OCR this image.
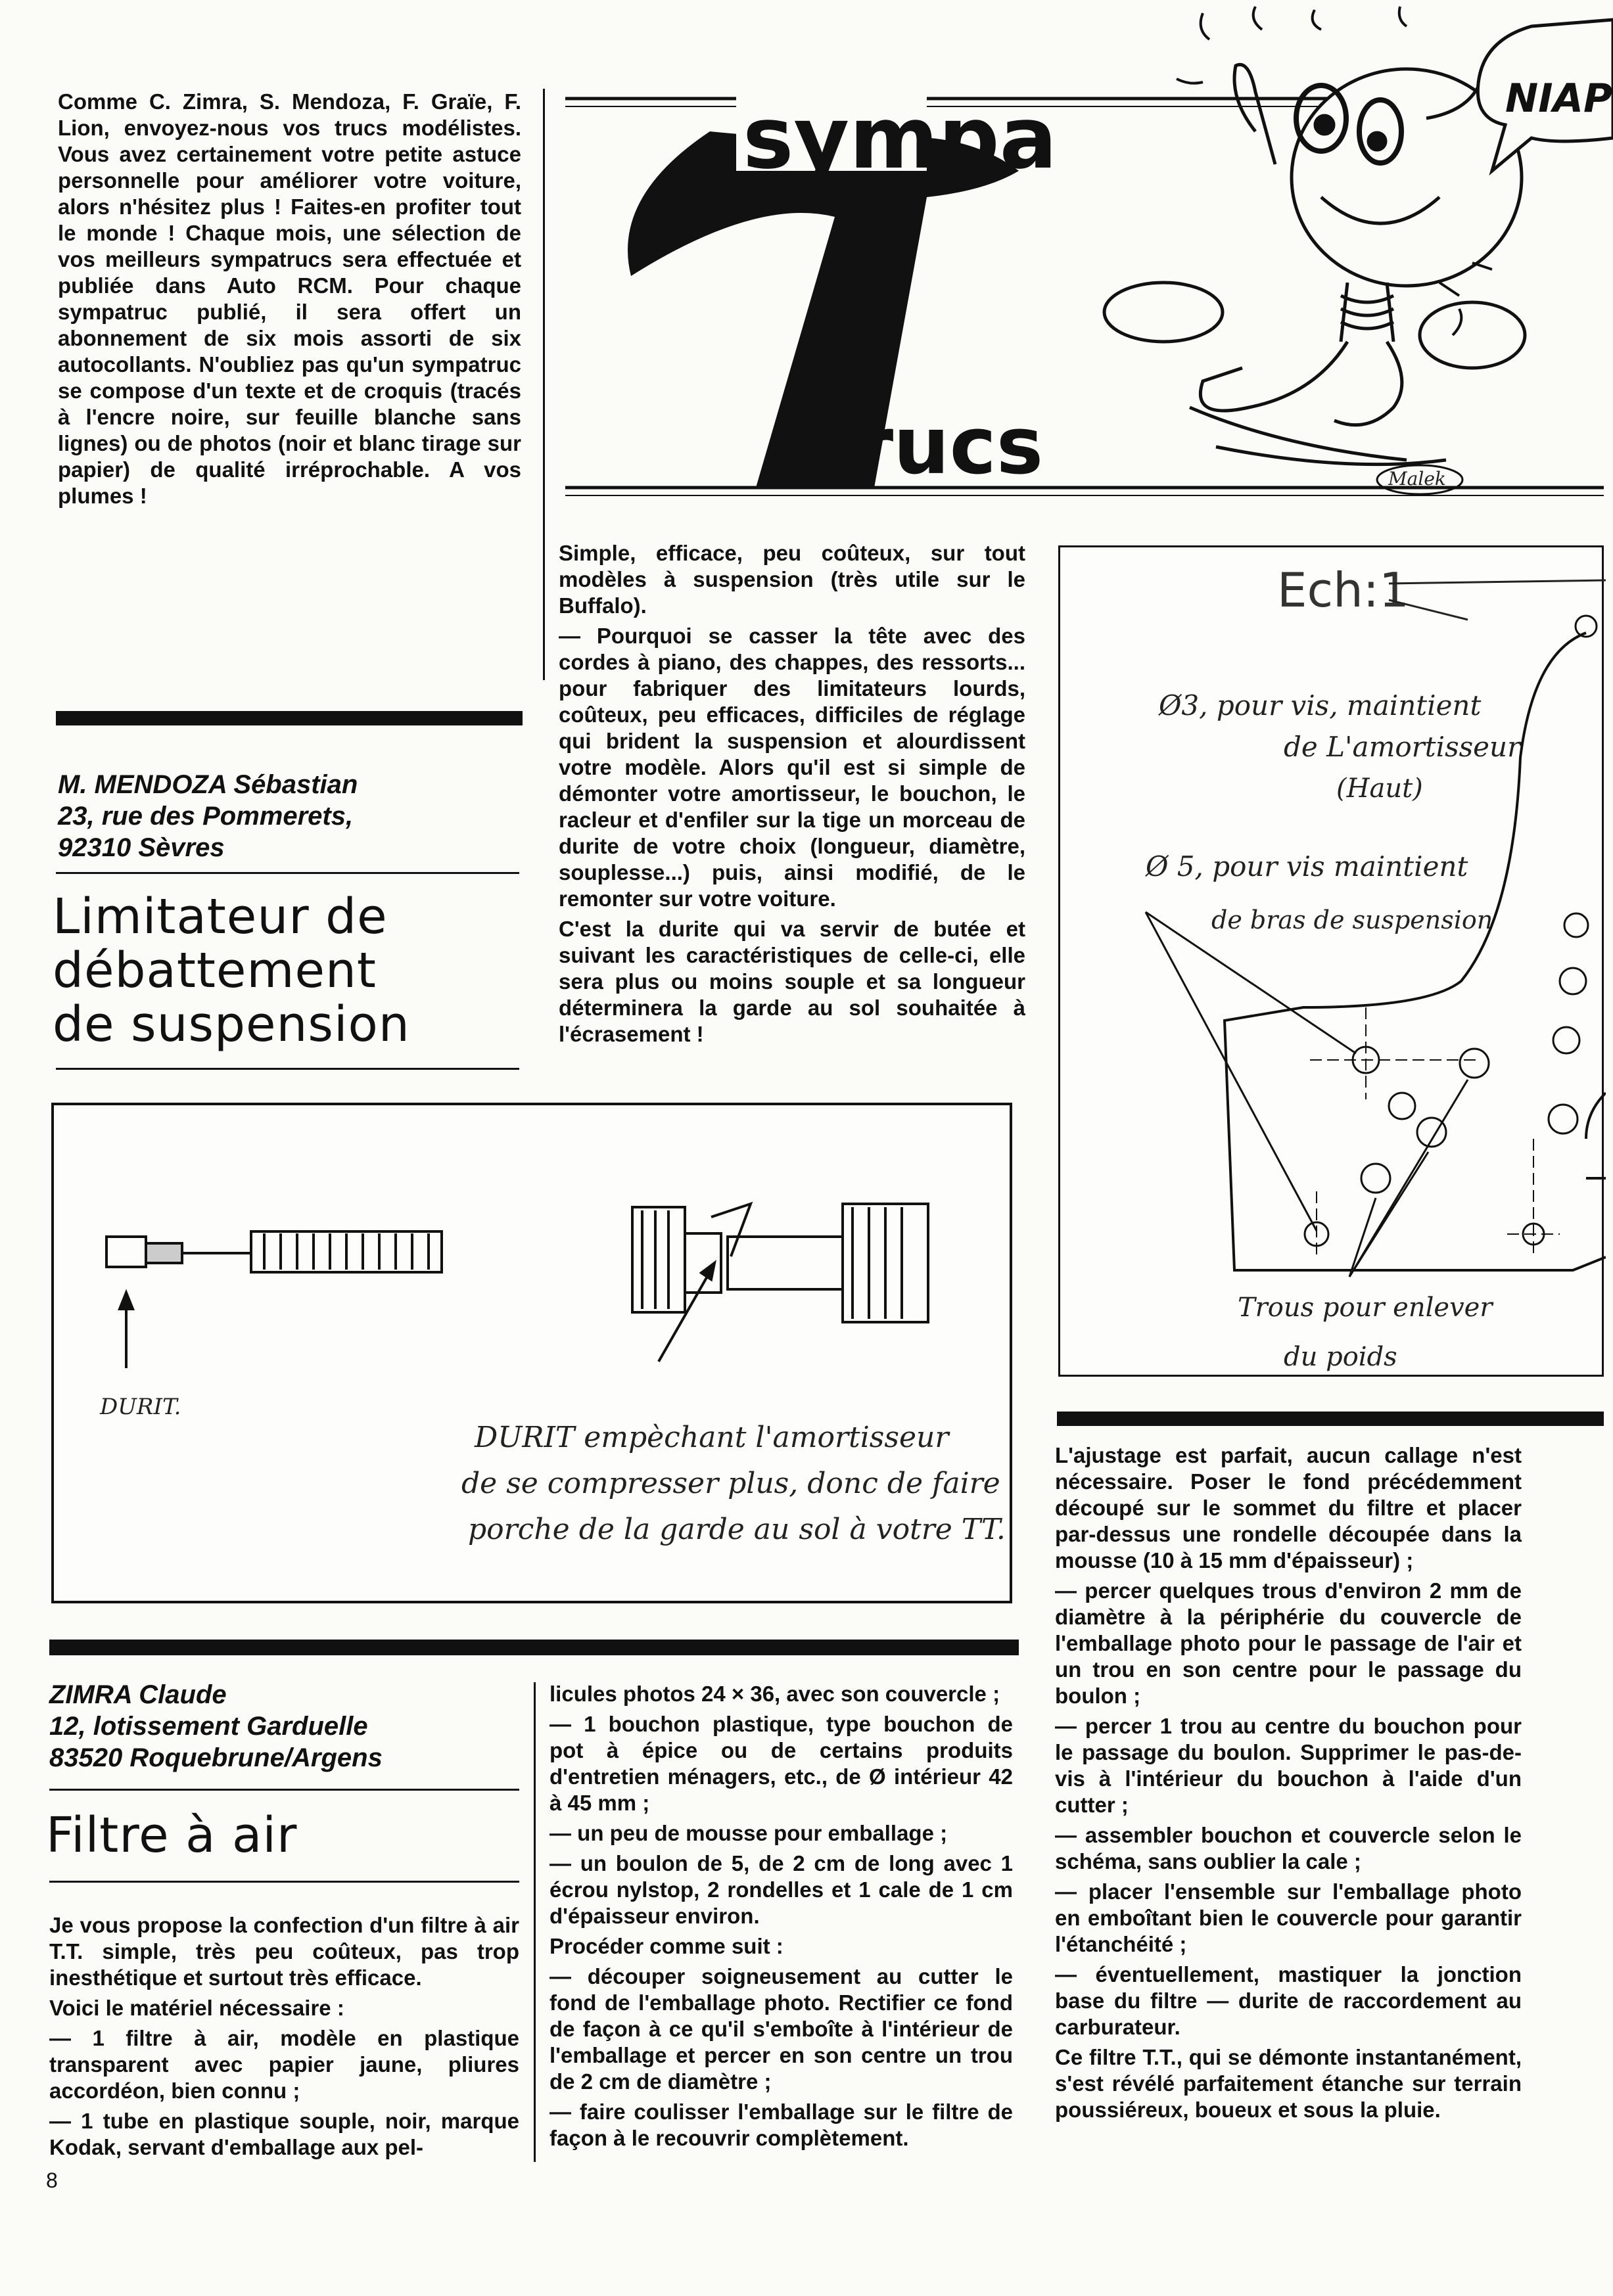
Comme C. Zimra, S. Mendoza, F. Graïe, F. Lion, envoyez-nous vos trucs modélistes. Vous avez certainement votre petite astuce personnelle pour améliorer votre voiture, alors n'hésitez plus ! Faites-en profiter tout le monde ! Chaque mois, une sélection de vos meilleurs sympatrucs sera effectuée et publiée dans Auto RCM. Pour chaque sympatruc publié, il sera offert un abonnement de six mois assorti de six autocollants. N'oubliez pas qu'un sympatruc se compose d'un texte et de croquis (tracés à l'encre noire, sur feuille blanche sans lignes) ou de photos (noir et blanc tirage sur papier) de qualité irréprochable. A vos plumes !

M. MENDOZA Sébastian
23, rue des Pommerets,
92310 Sèvres
Limitateur de
débattement
de suspension
sympa
rucs
NIAP
Malek

Simple, efficace, peu coûteux, sur tout modèles à suspension (très utile sur le Buffalo).

— Pourquoi se casser la tête avec des cordes à piano, des chappes, des ressorts... pour fabriquer des limitateurs lourds, coûteux, peu efficaces, difficiles de réglage qui brident la suspension et alourdissent votre modèle. Alors qu'il est si simple de démonter votre amortisseur, le bouchon, le racleur et d'enfiler sur la tige un morceau de durite de votre choix (longueur, diamètre, souplesse...) puis, ainsi modifié, de le remonter sur votre voiture.

C'est la durite qui va servir de butée et suivant les caractéristiques de celle-ci, elle sera plus ou moins souple et sa longueur déterminera la garde au sol souhaitée à l'écrasement !

Ech:1
Ø3, pour vis, maintient
de L'amortisseur
(Haut)
Ø 5, pour vis maintient
de bras de suspension
Trous pour enlever
du poids
DURIT.
DURIT empèchant l'amortisseur
de se compresser plus, donc de faire
porche de la garde au sol à votre TT.
ZIMRA Claude
12, lotissement Garduelle
83520 Roquebrune/Argens
Filtre à air

Je vous propose la confection d'un filtre à air T.T. simple, très peu coûteux, pas trop inesthétique et surtout très efficace.

Voici le matériel nécessaire :

— 1 filtre à air, modèle en plastique transparent avec papier jaune, pliures accordéon, bien connu ;

— 1 tube en plastique souple, noir, marque Kodak, servant d'emballage aux pel-

licules photos 24 × 36, avec son couvercle ;

— 1 bouchon plastique, type bouchon de pot à épice ou de certains produits d'entretien ménagers, etc., de Ø intérieur 42 à 45 mm ;

— un peu de mousse pour emballage ;

— un boulon de 5, de 2 cm de long avec 1 écrou nylstop, 2 rondelles et 1 cale de 1 cm d'épaisseur environ.

Procéder comme suit :

— découper soigneusement au cutter le fond de l'emballage photo. Rectifier ce fond de façon à ce qu'il s'emboîte à l'intérieur de l'emballage et percer en son centre un trou de 2 cm de diamètre ;

— faire coulisser l'emballage sur le filtre de façon à le recouvrir complètement.

L'ajustage est parfait, aucun callage n'est nécessaire. Poser le fond précédemment découpé sur le sommet du filtre et placer par-dessus une rondelle découpée dans la mousse (10 à 15 mm d'épaisseur) ;

— percer quelques trous d'environ 2 mm de diamètre à la périphérie du couvercle de l'emballage photo pour le passage de l'air et un trou en son centre pour le passage du boulon ;

— percer 1 trou au centre du bouchon pour le passage du boulon. Supprimer le pas-de-vis à l'intérieur du bouchon à l'aide d'un cutter ;

— assembler bouchon et couvercle selon le schéma, sans oublier la cale ;

— placer l'ensemble sur l'emballage photo en emboîtant bien le couvercle pour garantir l'étanchéité ;

— éventuellement, mastiquer la jonction base du filtre — durite de raccordement au carburateur.

Ce filtre T.T., qui se démonte instantanément, s'est révélé parfaitement étanche sur terrain poussiéreux, boueux et sous la pluie.

8
